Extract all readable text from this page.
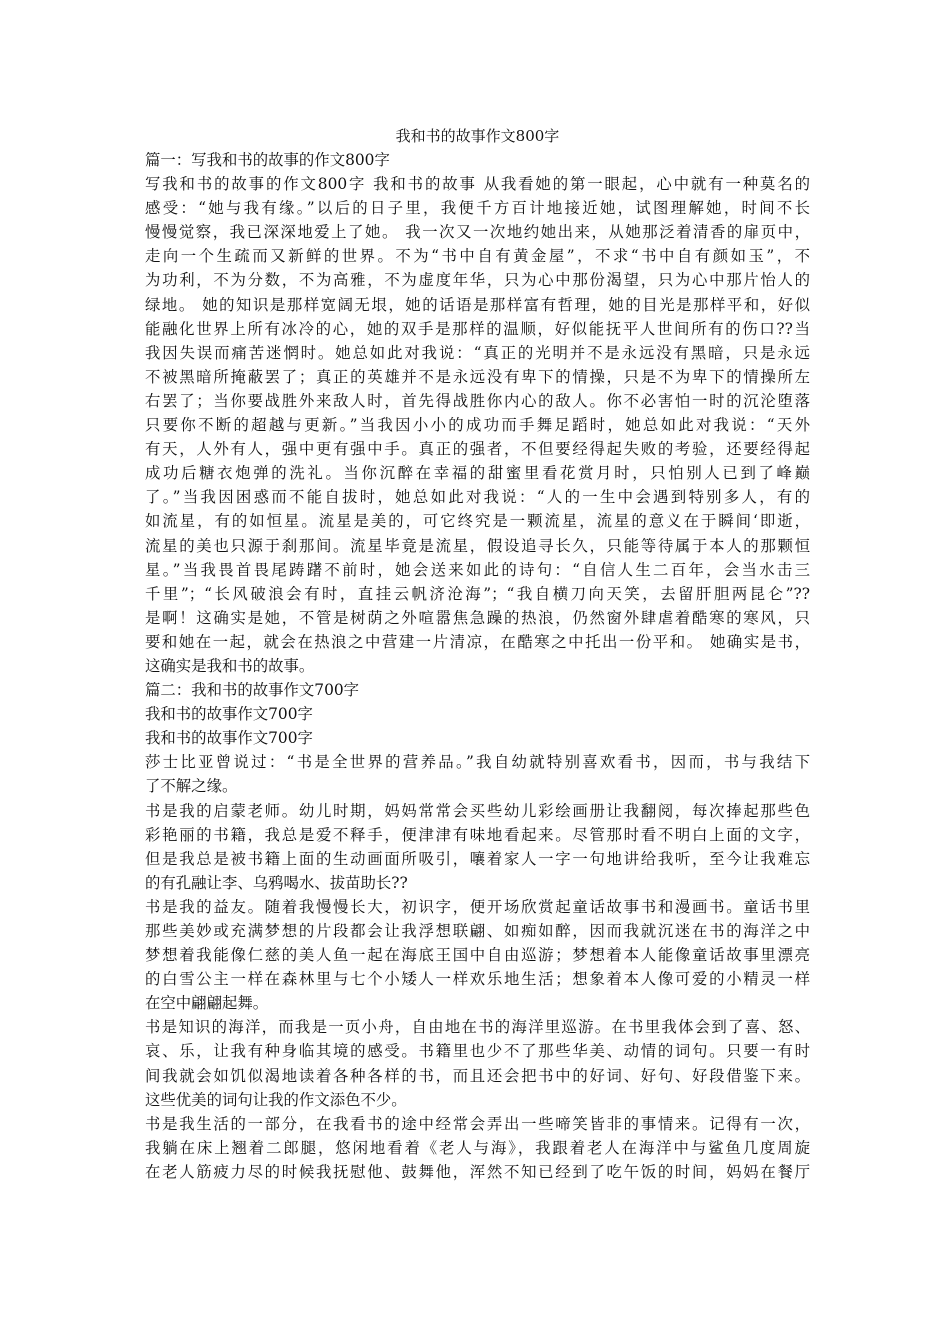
我和书的故事作文800字
篇一：写我和书的故事的作文800字
写我和书的故事的作文800字 我和书的故事 从我看她的第一眼起，心中就有一种莫名的
感受：“她与我有缘。”以后的日子里，我便千方百计地接近她，试图理解她，时间不长
慢慢觉察，我已深深地爱上了她。 我一次又一次地约她出来，从她那泛着清香的扉页中，
走向一个生疏而又新鲜的世界。不为“书中自有黄金屋”，不求“书中自有颜如玉”，不
为功利，不为分数，不为高雅，不为虚度年华，只为心中那份渴望，只为心中那片怡人的
绿地。 她的知识是那样宽阔无垠，她的话语是那样富有哲理，她的目光是那样平和，好似
能融化世界上所有冰冷的心，她的双手是那样的温顺，好似能抚平人世间所有的伤口??当
我因失误而痛苦迷惘时。她总如此对我说：“真正的光明并不是永远没有黑暗，只是永远
不被黑暗所掩蔽罢了；真正的英雄并不是永远没有卑下的情操，只是不为卑下的情操所左
右罢了；当你要战胜外来敌人时，首先得战胜你内心的敌人。你不必害怕一时的沉沦堕落
只要你不断的超越与更新。”当我因小小的成功而手舞足蹈时，她总如此对我说：“天外
有天，人外有人，强中更有强中手。真正的强者，不但要经得起失败的考验，还要经得起
成功后糖衣炮弹的洗礼。当你沉醉在幸福的甜蜜里看花赏月时，只怕别人已到了峰巅
了。”当我因困惑而不能自拔时，她总如此对我说：“人的一生中会遇到特别多人，有的
如流星，有的如恒星。流星是美的，可它终究是一颗流星，流星的意义在于瞬间‘即逝，
流星的美也只源于刹那间。流星毕竟是流星，假设追寻长久，只能等待属于本人的那颗恒
星。”当我畏首畏尾踌躇不前时，她会送来如此的诗句：“自信人生二百年，会当水击三
千里”；“长风破浪会有时，直挂云帆济沧海”；“我自横刀向天笑，去留肝胆两昆仑”??
是啊！这确实是她，不管是树荫之外喧嚣焦急躁的热浪，仍然窗外肆虐着酷寒的寒风，只
要和她在一起，就会在热浪之中营建一片清凉，在酷寒之中托出一份平和。 她确实是书，
这确实是我和书的故事。
篇二：我和书的故事作文700字
我和书的故事作文700字
我和书的故事作文700字
莎士比亚曾说过：“书是全世界的营养品。”我自幼就特别喜欢看书，因而，书与我结下
了不解之缘。
书是我的启蒙老师。幼儿时期，妈妈常常会买些幼儿彩绘画册让我翻阅，每次捧起那些色
彩艳丽的书籍，我总是爱不释手，便津津有味地看起来。尽管那时看不明白上面的文字，
但是我总是被书籍上面的生动画面所吸引，嚷着家人一字一句地讲给我听，至今让我难忘
的有孔融让李、乌鸦喝水、拔苗助长??
书是我的益友。随着我慢慢长大，初识字，便开场欣赏起童话故事书和漫画书。童话书里
那些美妙或充满梦想的片段都会让我浮想联翩、如痴如醉，因而我就沉迷在书的海洋之中
梦想着我能像仁慈的美人鱼一起在海底王国中自由巡游；梦想着本人能像童话故事里漂亮
的白雪公主一样在森林里与七个小矮人一样欢乐地生活；想象着本人像可爱的小精灵一样
在空中翩翩起舞。
书是知识的海洋，而我是一页小舟，自由地在书的海洋里巡游。在书里我体会到了喜、怒、
哀、乐，让我有种身临其境的感受。书籍里也少不了那些华美、动情的词句。只要一有时
间我就会如饥似渴地读着各种各样的书，而且还会把书中的好词、好句、好段借鉴下来。
这些优美的词句让我的作文添色不少。
书是我生活的一部分，在我看书的途中经常会弄出一些啼笑皆非的事情来。记得有一次，
我躺在床上翘着二郎腿，悠闲地看着《老人与海》，我跟着老人在海洋中与鲨鱼几度周旋
在老人筋疲力尽的时候我抚慰他、鼓舞他，浑然不知已经到了吃午饭的时间，妈妈在餐厅
